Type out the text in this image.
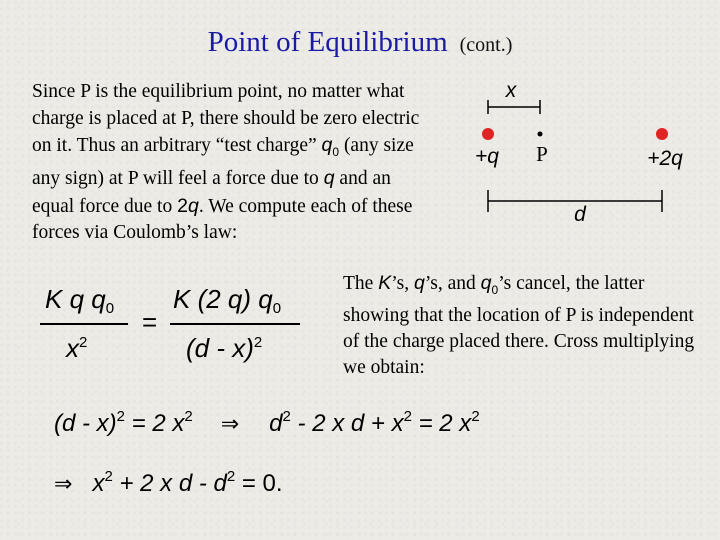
Point of Equilibrium (cont.)
Since P is the equilibrium point, no matter what charge is placed at P, there should be zero electric on it. Thus an arbitrary “test charge” $q_0$ (any size any sign) at P will feel a force due to q and an equal force due to 2q. We compute each of these forces via Coulomb’s law:
x
+q P	+2q
d
K q q0
$x^2$
=
K (2 q) q0
(d - x)$^2$
The K’s, q’s, and $q_0’s$ cancel, the latter showing that the location of P is independent of the charge placed there. Cross multiplying we obtain:
(d - x)$^2$ = 2 $x^2$ ⇒ $d^2 - 2$ x $d + x^2 = 2$ $x^2$
⇒ $x^2 + 2$ x $d - d^2 = 0$.
